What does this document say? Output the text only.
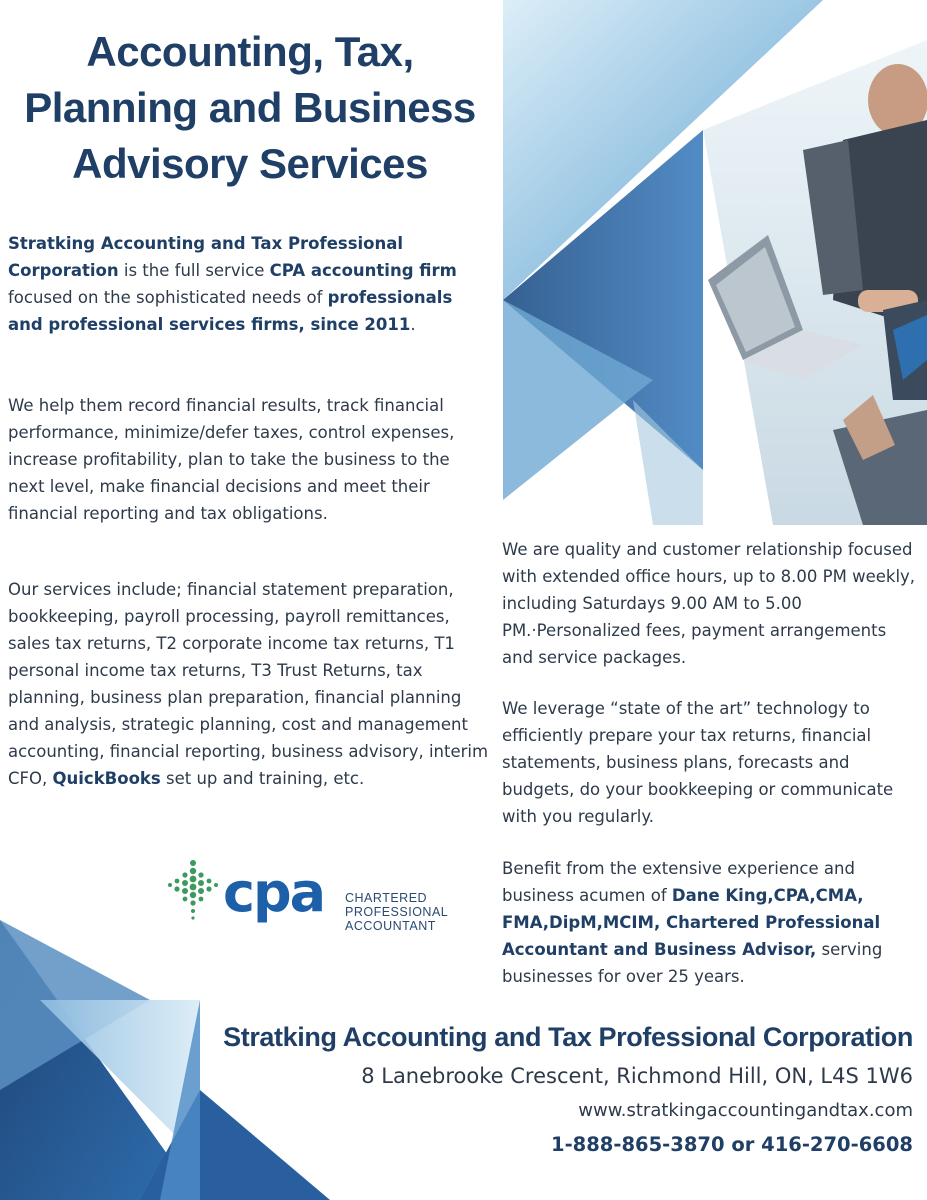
Accounting, Tax,
Planning and Business
Advisory Services
Stratking Accounting and Tax Professional Corporation is the full service CPA accounting firm focused on the sophisticated needs of professionals and professional services firms, since 2011.
We help them record financial results, track financial performance, minimize/defer taxes, control expenses, increase profitability, plan to take the business to the next level, make financial decisions and meet their financial reporting and tax obligations.
Our services include; financial statement preparation, bookkeeping, payroll processing, payroll remittances, sales tax returns, T2 corporate income tax returns, T1 personal income tax returns, T3 Trust Returns, tax planning, business plan preparation, financial planning and analysis, strategic planning, cost and management accounting, financial reporting, business advisory, interim CFO, QuickBooks set up and training, etc.
We are quality and customer relationship focused with extended office hours, up to 8.00 PM weekly, including Saturdays 9.00 AM to 5.00 PM.·Personalized fees, payment arrangements and service packages.
We leverage “state of the art” technology to efficiently prepare your tax returns, financial statements, business plans, forecasts and budgets, do your bookkeeping or communicate with you regularly.
Benefit from the extensive experience and business acumen of Dane King,CPA,CMA, FMA,DipM,MCIM, Chartered Professional Accountant and Business Advisor, serving businesses for over 25 years.
cpa CHARTERED
PROFESSIONAL
ACCOUNTANT
Stratking Accounting and Tax Professional Corporation
8 Lanebrooke Crescent, Richmond Hill, ON, L4S 1W6
www.stratkingaccountingandtax.com
1-888-865-3870 or 416-270-6608
